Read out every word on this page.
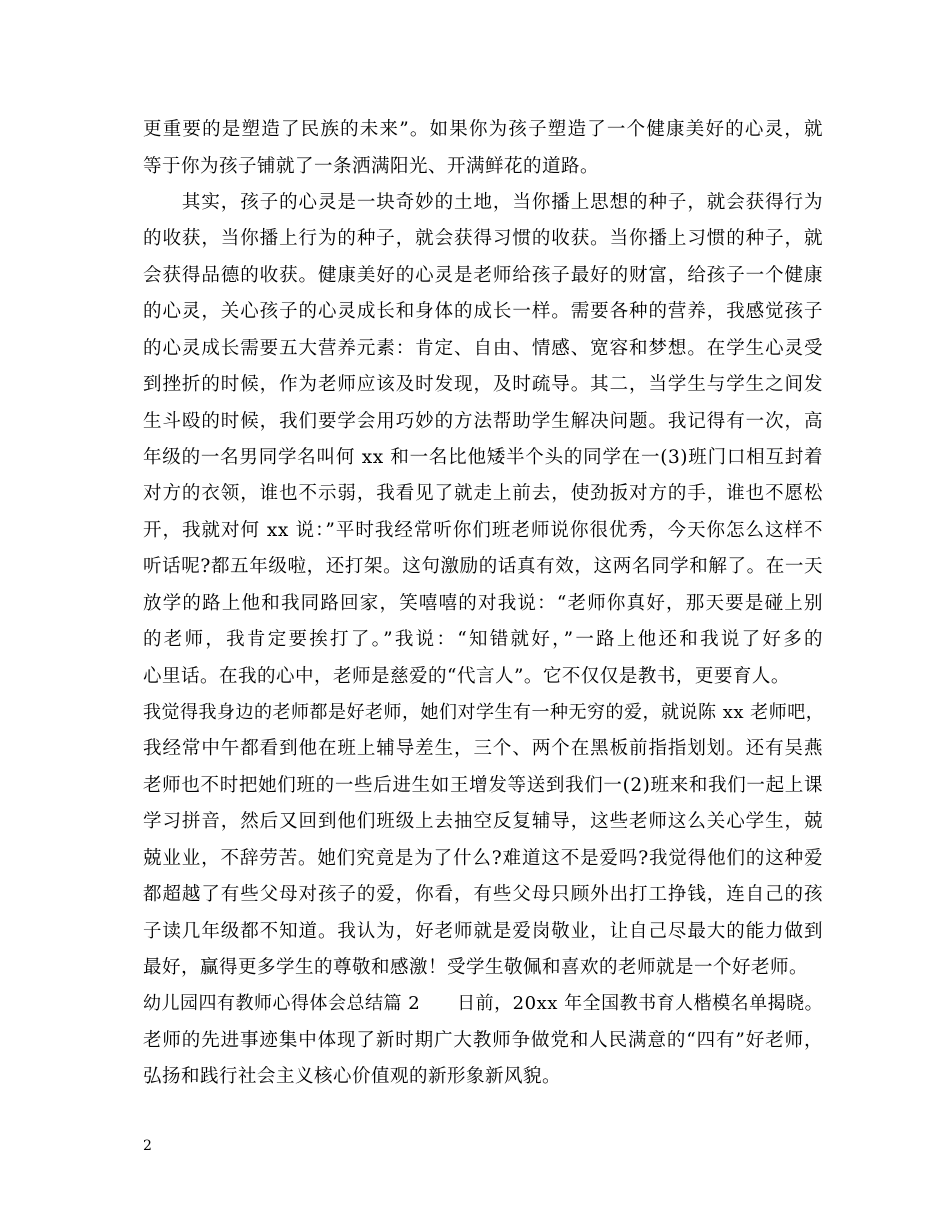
更重要的是塑造了民族的未来”。如果你为孩子塑造了一个健康美好的心灵，就
等于你为孩子铺就了一条洒满阳光、开满鲜花的道路。
　　其实，孩子的心灵是一块奇妙的土地，当你播上思想的种子，就会获得行为
的收获，当你播上行为的种子，就会获得习惯的收获。当你播上习惯的种子，就
会获得品德的收获。健康美好的心灵是老师给孩子最好的财富，给孩子一个健康
的心灵，关心孩子的心灵成长和身体的成长一样。需要各种的营养，我感觉孩子
的心灵成长需要五大营养元素：肯定、自由、情感、宽容和梦想。在学生心灵受
到挫折的时候，作为老师应该及时发现，及时疏导。其二，当学生与学生之间发
生斗殴的时候，我们要学会用巧妙的方法帮助学生解决问题。我记得有一次，高
年级的一名男同学名叫何 xx 和一名比他矮半个头的同学在一(3)班门口相互封着
对方的衣领，谁也不示弱，我看见了就走上前去，使劲扳对方的手，谁也不愿松
开，我就对何 xx 说：”平时我经常听你们班老师说你很优秀，今天你怎么这样不
听话呢?都五年级啦，还打架。这句激励的话真有效，这两名同学和解了。在一天
放学的路上他和我同路回家，笑嘻嘻的对我说：“老师你真好，那天要是碰上别
的老师，我肯定要挨打了。”我说：“知错就好，”一路上他还和我说了好多的
心里话。在我的心中，老师是慈爱的“代言人”。它不仅仅是教书，更要育人。
我觉得我身边的老师都是好老师，她们对学生有一种无穷的爱，就说陈 xx 老师吧，
我经常中午都看到他在班上辅导差生，三个、两个在黑板前指指划划。还有吴燕
老师也不时把她们班的一些后进生如王增发等送到我们一(2)班来和我们一起上课
学习拼音，然后又回到他们班级上去抽空反复辅导，这些老师这么关心学生，兢
兢业业，不辞劳苦。她们究竟是为了什么?难道这不是爱吗?我觉得他们的这种爱
都超越了有些父母对孩子的爱，你看，有些父母只顾外出打工挣钱，连自己的孩
子读几年级都不知道。我认为，好老师就是爱岗敬业，让自己尽最大的能力做到
最好，赢得更多学生的尊敬和感激！受学生敬佩和喜欢的老师就是一个好老师。
幼儿园四有教师心得体会总结篇 2　　日前，20xx 年全国教书育人楷模名单揭晓。
老师的先进事迹集中体现了新时期广大教师争做党和人民满意的“四有”好老师，
弘扬和践行社会主义核心价值观的新形象新风貌。
2
